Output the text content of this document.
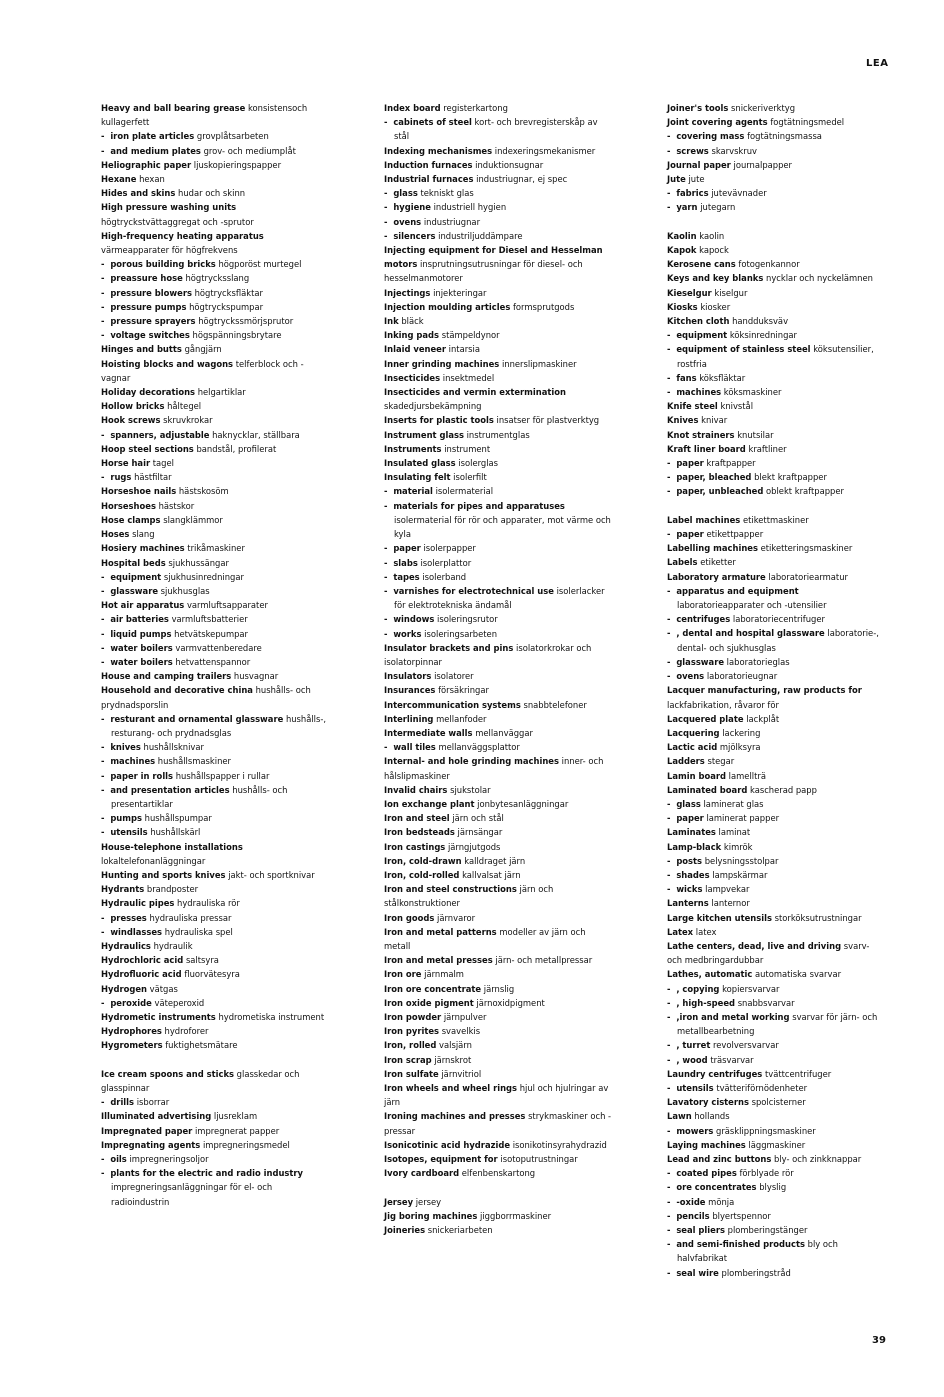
LEA
Heavy and ball bearing grease konsistensoch kullagerfett
-  iron plate articles grovplåtsarbeten
-  and medium plates grov- och mediumplåt
Heliographic paper ljuskopieringspapper
Hexane hexan
Hides and skins hudar och skinn
High pressure washing units högtryckstvättaggregat och -sprutor
High-frequency heating apparatus värmeapparater för högfrekvens
-  porous building bricks högporöst murtegel
-  preassure hose högtrycksslang
-  pressure blowers högtrycksfläktar
-  pressure pumps högtryckspumpar
-  pressure sprayers högtryckssmörjsprutor
-  voltage switches högspänningsbrytare
Hinges and butts gångjärn
Hoisting blocks and wagons telferblock och -vagnar
Holiday decorations helgartiklar
Hollow bricks håltegel
Hook screws skruvkrokar
-  spanners, adjustable haknycklar, ställbara
Hoop steel sections bandstål, profilerat
Horse hair tagel
-  rugs hästfiltar
Horseshoe nails hästskosöm
Horseshoes hästskor
Hose clamps slangklämmor
Hoses slang
Hosiery machines trikåmaskiner
Hospital beds sjukhussängar
-  equipment sjukhusinredningar
-  glassware sjukhusglas
Hot air apparatus varmluftsapparater
-  air batteries varmluftsbatterier
-  liquid pumps hetvätskepumpar
-  water boilers varmvattenberedare
-  water boilers hetvattenspannor
House and camping trailers husvagnar
Household and decorative china hushålls- och prydnadsporslin
-  resturant and ornamental glassware hushålls-, resturang- och prydnadsglas
-  knives hushållsknivar
-  machines hushållsmaskiner
-  paper in rolls hushållspapper i rullar
-  and presentation articles hushålls- och presentartiklar
-  pumps hushållspumpar
-  utensils hushållskärl
House-telephone installations lokaltelefonanläggningar
Hunting and sports knives jakt- och sportknivar
Hydrants brandposter
Hydraulic pipes hydrauliska rör
-  presses hydrauliska pressar
-  windlasses hydrauliska spel
Hydraulics hydraulik
Hydrochloric acid saltsyra
Hydrofluoric acid fluorvätesyra
Hydrogen vätgas
-  peroxide väteperoxid
Hydrometic instruments hydrometiska instrument
Hydrophores hydroforer
Hygrometers fuktighetsmätare
Ice cream spoons and sticks glasskedar och glasspinnar
-  drills isborrar
Illuminated advertising ljusreklam
Impregnated paper impregnerat papper
Impregnating agents impregneringsmedel
-  oils impregneringsoljor
-  plants for the electric and radio industry impregneringsanläggningar för el- och radioindustrin
Index board registerkartong
-  cabinets of steel kort- och brevregisterskåp av stål
Indexing mechanismes indexeringsmekanismer
Induction furnaces induktionsugnar
Industrial furnaces industriugnar, ej spec
-  glass tekniskt glas
-  hygiene industriell hygien
-  ovens industriugnar
-  silencers industriljuddämpare
Injecting equipment for Diesel and Hesselman motors insprutningsutrusningar för diesel- och hesselmanmotorer
Injectings injekteringar
Injection moulding articles formsprutgods
Ink bläck
Inking pads stämpeldynor
Inlaid veneer intarsia
Inner grinding machines innerslipmaskiner
Insecticides insektmedel
Insecticides and vermin extermination skadedjursbekämpning
Inserts for plastic tools insatser för plastverktyg
Instrument glass instrumentglas
Instruments instrument
Insulated glass isolerglas
Insulating felt isolerfilt
-  material isolermaterial
-  materials for pipes and apparatuses isolermaterial för rör och apparater, mot värme och kyla
-  paper isolerpapper
-  slabs isolerplattor
-  tapes isolerband
-  varnishes for electrotechnical use isolerlacker för elektrotekniska ändamål
-  windows isoleringsrutor
-  works isoleringsarbeten
Insulator brackets and pins isolatorkrokar och isolatorpinnar
Insulators isolatorer
Insurances försäkringar
Intercommunication systems snabbtelefoner
Interlining mellanfoder
Intermediate walls mellanväggar
-  wall tiles mellanväggsplattor
Internal- and hole grinding machines inner- och hålslipmaskiner
Invalid chairs sjukstolar
Ion exchange plant jonbytesanläggningar
Iron and steel järn och stål
Iron bedsteads järnsängar
Iron castings järngjutgods
Iron, cold-drawn kalldraget järn
Iron, cold-rolled kallvalsat järn
Iron and steel constructions järn och stålkonstruktioner
Iron goods järnvaror
Iron and metal patterns modeller av järn och metall
Iron and metal presses järn- och metallpressar
Iron ore järnmalm
Iron ore concentrate järnslig
Iron oxide pigment järnoxidpigment
Iron powder järnpulver
Iron pyrites svavelkis
Iron, rolled valsjärn
Iron scrap järnskrot
Iron sulfate järnvitriol
Iron wheels and wheel rings hjul och hjulringar av järn
Ironing machines and presses strykmaskiner och -pressar
Isonicotinic acid hydrazide isonikotinsyrahydrazid
Isotopes, equipment for isotoputrustningar
Ivory cardboard elfenbenskartong
Jersey jersey
Jig boring machines jiggborrmaskiner
Joineries snickeriarbeten
Joiner's tools snickeriverktyg
Joint covering agents fogtätningsmedel
-  covering mass fogtätningsmassa
-  screws skarvskruv
Journal paper journalpapper
Jute jute
-  fabrics jutevävnader
-  yarn jutegarn
Kaolin kaolin
Kapok kapock
Kerosene cans fotogenkannor
Keys and key blanks nycklar och nyckelämnen
Kieselgur kiselgur
Kiosks kiosker
Kitchen cloth handduksväv
-  equipment köksinredningar
-  equipment of stainless steel köksutensilier, rostfria
-  fans köksfläktar
-  machines köksmaskiner
Knife steel knivstål
Knives knivar
Knot strainers knutsilar
Kraft liner board kraftliner
-  paper kraftpapper
-  paper, bleached blekt kraftpapper
-  paper, unbleached oblekt kraftpapper
Label machines etikettmaskiner
-  paper etikettpapper
Labelling machines etiketteringsmaskiner
Labels etiketter
Laboratory armature laboratoriearmatur
-  apparatus and equipment laboratorieapparater och -utensilier
-  centrifuges laboratoriecentrifuger
-  , dental and hospital glassware laboratorie-, dental- och sjukhusglas
-  glassware laboratorieglas
-  ovens laboratorieugnar
Lacquer manufacturing, raw products for lackfabrikation, råvaror för
Lacquered plate lackplåt
Lacquering lackering
Lactic acid mjölksyra
Ladders stegar
Lamin board lamellträ
Laminated board kascherad papp
-  glass laminerat glas
-  paper laminerat papper
Laminates laminat
Lamp-black kimrök
-  posts belysningsstolpar
-  shades lampskärmar
-  wicks lampvekar
Lanterns lanternor
Large kitchen utensils storköksutrustningar
Latex latex
Lathe centers, dead, live and driving svarv- och medbringardubbar
Lathes, automatic automatiska svarvar
-  , copying kopiersvarvar
-  , high-speed snabbsvarvar
-  ,iron and metal working svarvar för järn- och metallbearbetning
-  , turret revolversvarvar
-  , wood träsvarvar
Laundry centrifuges tvättcentrifuger
-  utensils tvätteriförnödenheter
Lavatory cisterns spolcisterner
Lawn hollands
-  mowers gräsklippningsmaskiner
Laying machines läggmaskiner
Lead and zinc buttons bly- och zinkknappar
-  coated pipes förblyade rör
-  ore concentrates blyslig
-  -oxide mönja
-  pencils blyertspennor
-  seal pliers plomberingstänger
-  and semi-finished products bly och halvfabrikat
-  seal wire plomberingstråd
39
